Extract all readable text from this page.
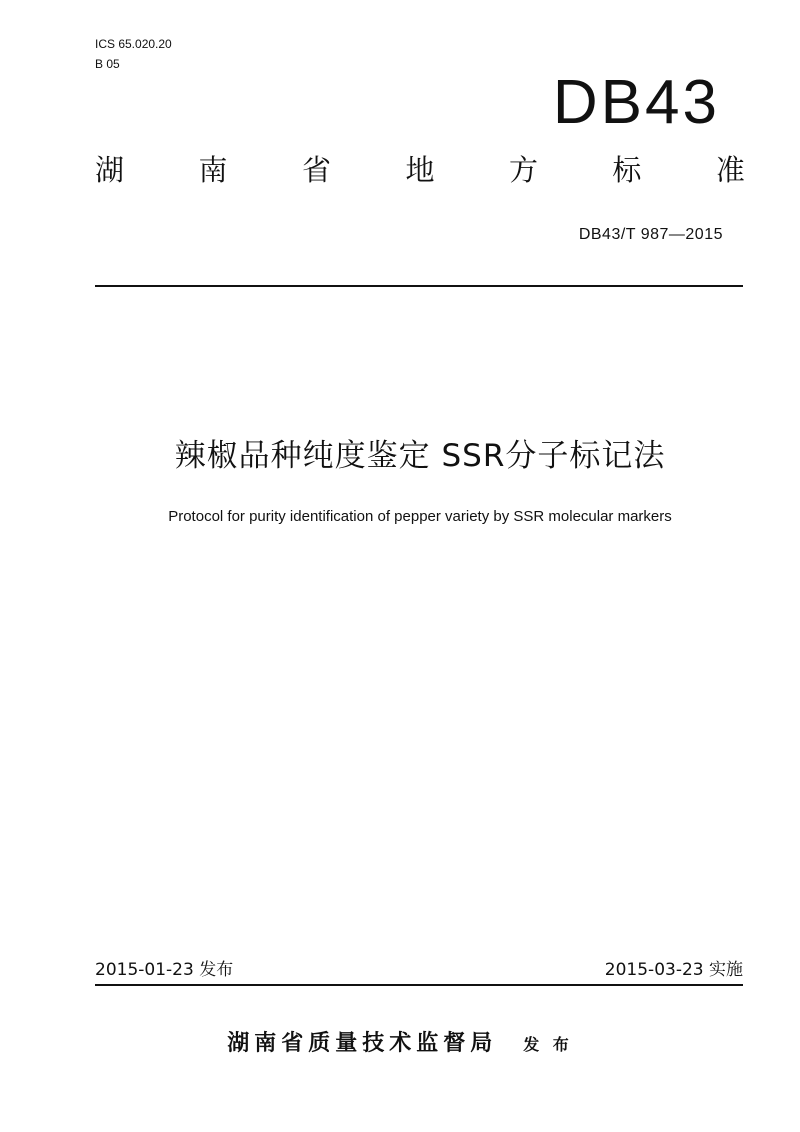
ICS 65.020.20
B 05
DB43
湖	南	省	地	方	标	准
DB43/T 987—2015
辣椒品种纯度鉴定 SSR分子标记法
Protocol for purity identification of pepper variety by SSR molecular markers
2015-01-23 发布	2015-03-23 实施
湖南省质量技术监督局 发 布
